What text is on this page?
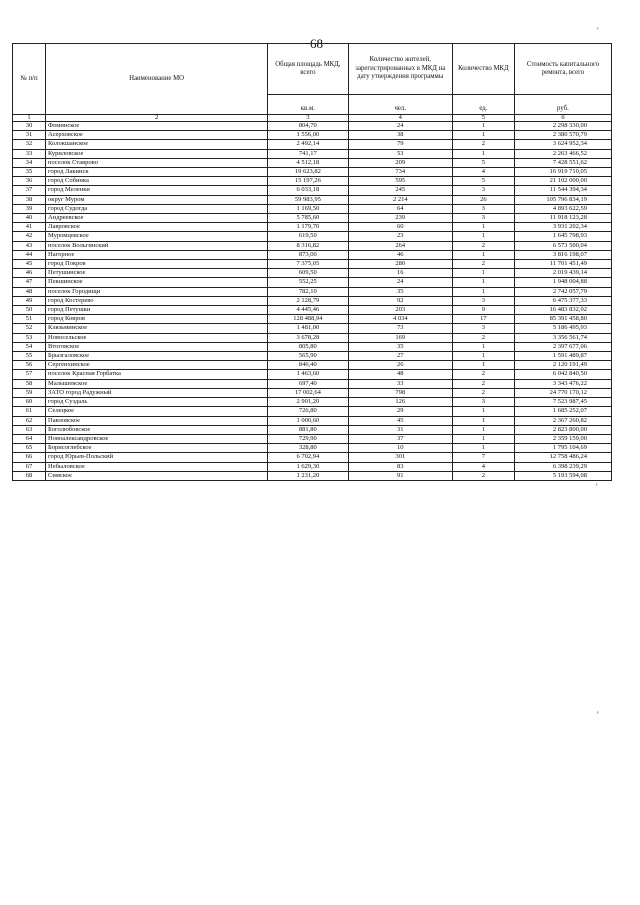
68
'
'
'
№ п/п	Наименование МО	Общая площадь МКД, всего	Количество жителей, зарегистрированных в МКД на дату утверждения программы	Количество МКД	Стоимость капитального ремонта, всего
		кв.м.	чел.	ед.	руб.
1	2	3	4	5	6
30	Фоминское	804,70	24	1	2 298 330,00
31	Асерховское	1 556,00	38	1	2 380 570,79
32	Колокшанское	2 492,14	79	2	3 624 952,34
33	Куриловское	741,17	53	1	2 263 466,52
34	поселок Ставрово	4 512,18	209	5	7 428 551,62
35	город Лакинск	19 623,82	734	4	16 919 710,05
36	город Собинка	15 197,26	595	5	21 102 000,00
37	город Меленки	6 033,18	245	3	11 544 394,34
38	округ Муром	59 983,95	2 214	26	105 796 834,19
39	город Судогда	1 169,50	64	3	4 893 622,59
40	Андреевское	5 785,60	239	3	11 918 123,28
41	Лавровское	1 179,70	60	1	3 931 202,34
42	Муромцевское	619,50	23	1	1 645 798,93
43	поселок Вольгинский	8 316,82	264	2	6 573 500,04
44	Нагорное	873,00	46	1	3 816 198,07
45	город Покров	7 375,05	280	2	11 701 451,49
46	Петушинское	609,50	16	1	2 019 439,14
47	Пекшинское	552,25	24	1	1 948 004,88
48	поселок Городищи	782,10	35	1	2 742 057,79
49	город Костерево	2 128,79	92	3	6 475 377,33
50	город Петушки	4 445,46	203	9	16 483 832,02
51	город Ковров	128 488,94	4 034	17	85 391 458,80
52	Клязьминское	1 481,00	73	3	5 186 495,93
53	Новосельское	3 678,28	169	2	3 356 561,74
54	Втоговское	805,80	35	1	2 397 677,06
55	Брызгаловское	565,90	27	1	1 591 489,87
56	Сергеихинское	846,40	26	1	2 120 191,49
57	поселок Красная Горбатка	1 463,60	48	2	6 042 840,50
58	Малышевское	697,40	33	2	3 343 476,22
59	ЗАТО город Радужный	17 002,64	798	2	24 770 170,12
60	город Суздаль	2 901,20	126	3	7 523 987,45
61	Селецкое	726,80	29	1	1 685 252,07
62	Павловское	1 000,60	45	1	2 367 260,82
63	Боголюбовское	881,80	31	1	2 823 800,00
64	Новоалександровское	729,90	37	1	2 359 159,00
65	Борисоглебское	328,80	10	1	1 795 104,69
66	город Юрьев-Польский	6 702,94	301	7	12 758 486,24
67	Небыловское	1 629,30	83	4	6 398 239,29
68	Симское	1 231,20	91	2	5 193 594,08
